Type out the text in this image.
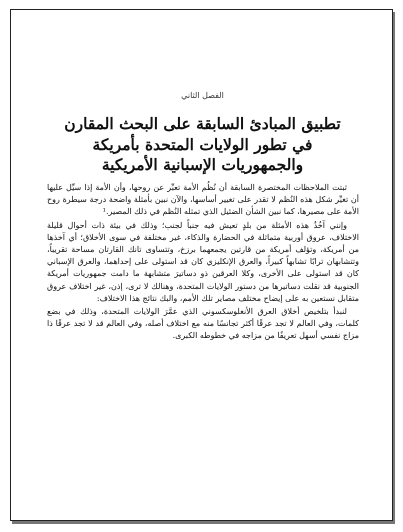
الفصل الثاني
تطبيق المبادئ السابقة على البحث المقارن
في تطور الولايات المتحدة بأمريكة
والجمهوريات الإسبانية الأمريكية

ثبتت الملاحظات المختصرة السابقة أن نُظُم الأمة تعبِّر عن روحها، وأن الأمة إذا سيِّل عليها أن تغيِّر شكل هذه النُظم لا تقدر على تغيير أساسها، والآن نبين بأمثلة واضحة درجة سيطرة روح الأمة على مصيرها، كما نبين الشأن الضئيل الذي تمثله النُظم في ذلك المصير.¹

وإنني آخُذُ هذه الأمثلة من بلدٍ تعيش فيه جنباً لجنب؛ وذلك في بيئة ذات أحوال قليلة الاختلاف، عروق أوربية متماثلة في الحضارة والذكاء، غير مختلفة في سوى الأخلاق؛ أي آخذها من أمريكة، وتؤلف أمريكة من قارتين يجمعهما برزخ، وتتساوى تانك القارتان مساحة تقريباً، وتتشابهان ترابًا تشابهاً كبيراً، والعرق الإنكليزي كان قد استولى على إحداهما، والعرق الإسباني كان قد استولى على الأخرى، وكلا العرقين ذو دساتيرَ متشابهة ما دامت جمهوريات أمريكة الجنوبية قد نقلت دساتيرها من دستور الولايات المتحدة، وهنالك لا ترى، إذن، غير اختلاف عروق متقابل نستعين به على إيضاح مختلف مصاير تلك الأمم، والبك نتائج هذا الاختلاف:

لنبدأ بتلخيص أخلاق العرق الأنغلوسكسوني الذي عمَّرَ الولايات المتحدة، وذلك في بضع كلمات، وفي العالم لا تجد عرقًا أكثر تجانسًا منه مع اختلاف أصله، وفي العالم قد لا تجد عرقًا ذا مزاج نفسي أسهل تعريفًا من مزاجه في خطوطه الكبرى.
